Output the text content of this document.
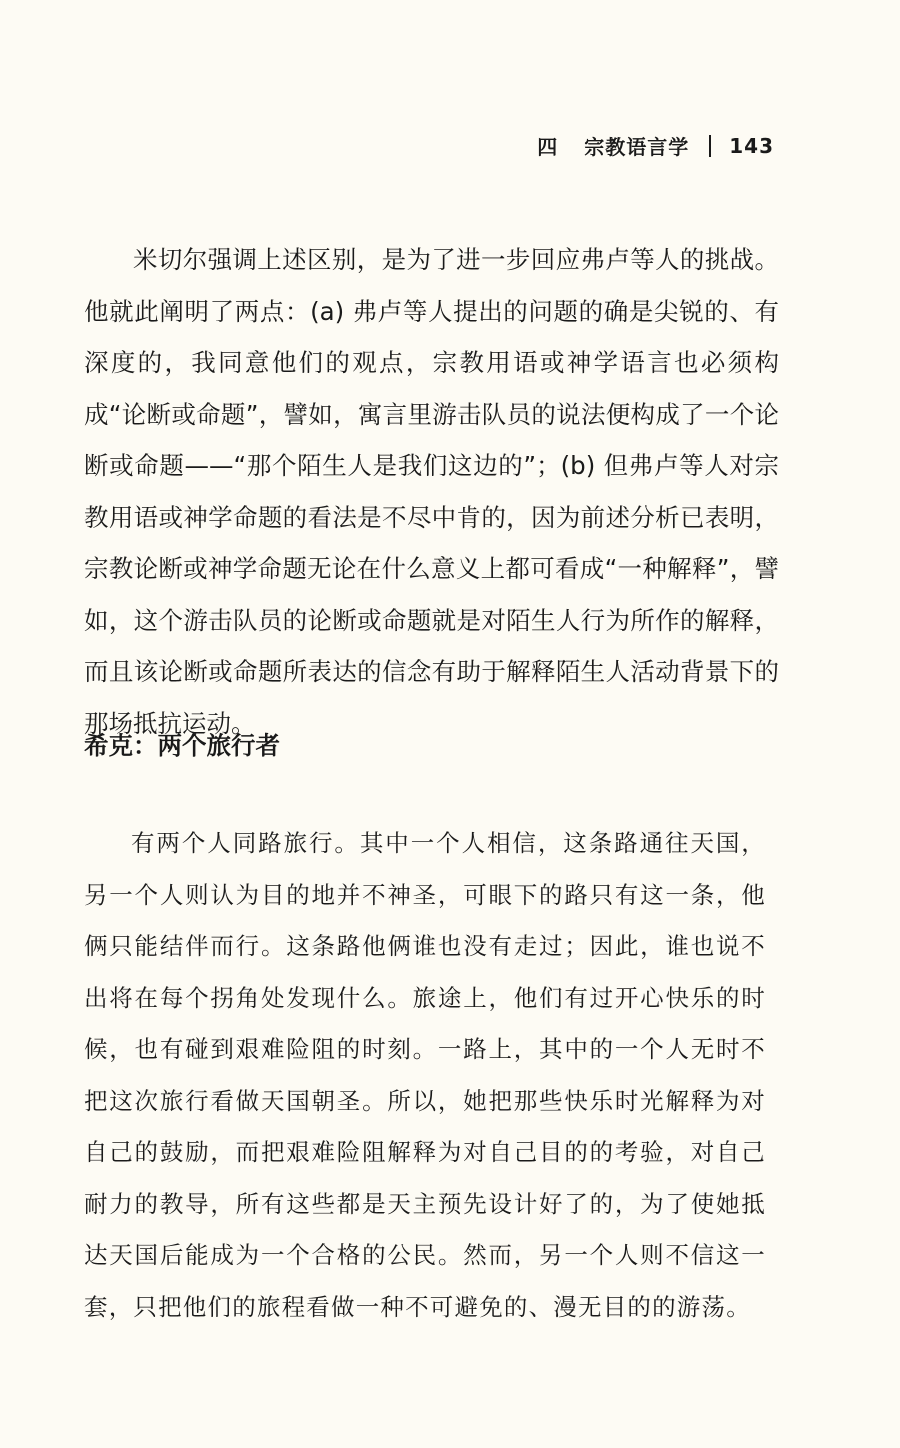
四 宗教语言学 143

米切尔强调上述区别，是为了进一步回应弗卢等人的挑战。他就此阐明了两点：(a) 弗卢等人提出的问题的确是尖锐的、有深度的，我同意他们的观点，宗教用语或神学语言也必须构成“论断或命题”，譬如，寓言里游击队员的说法便构成了一个论断或命题——“那个陌生人是我们这边的”；(b) 但弗卢等人对宗教用语或神学命题的看法是不尽中肯的，因为前述分析已表明，宗教论断或神学命题无论在什么意义上都可看成“一种解释”，譬如，这个游击队员的论断或命题就是对陌生人行为所作的解释，而且该论断或命题所表达的信念有助于解释陌生人活动背景下的那场抵抗运动。

希克：两个旅行者

有两个人同路旅行。其中一个人相信，这条路通往天国，另一个人则认为目的地并不神圣，可眼下的路只有这一条，他俩只能结伴而行。这条路他俩谁也没有走过；因此，谁也说不出将在每个拐角处发现什么。旅途上，他们有过开心快乐的时候，也有碰到艰难险阻的时刻。一路上，其中的一个人无时不把这次旅行看做天国朝圣。所以，她把那些快乐时光解释为对自己的鼓励，而把艰难险阻解释为对自己目的的考验，对自己耐力的教导，所有这些都是天主预先设计好了的，为了使她抵达天国后能成为一个合格的公民。然而，另一个人则不信这一套，只把他们的旅程看做一种不可避免的、漫无目的的游荡。
